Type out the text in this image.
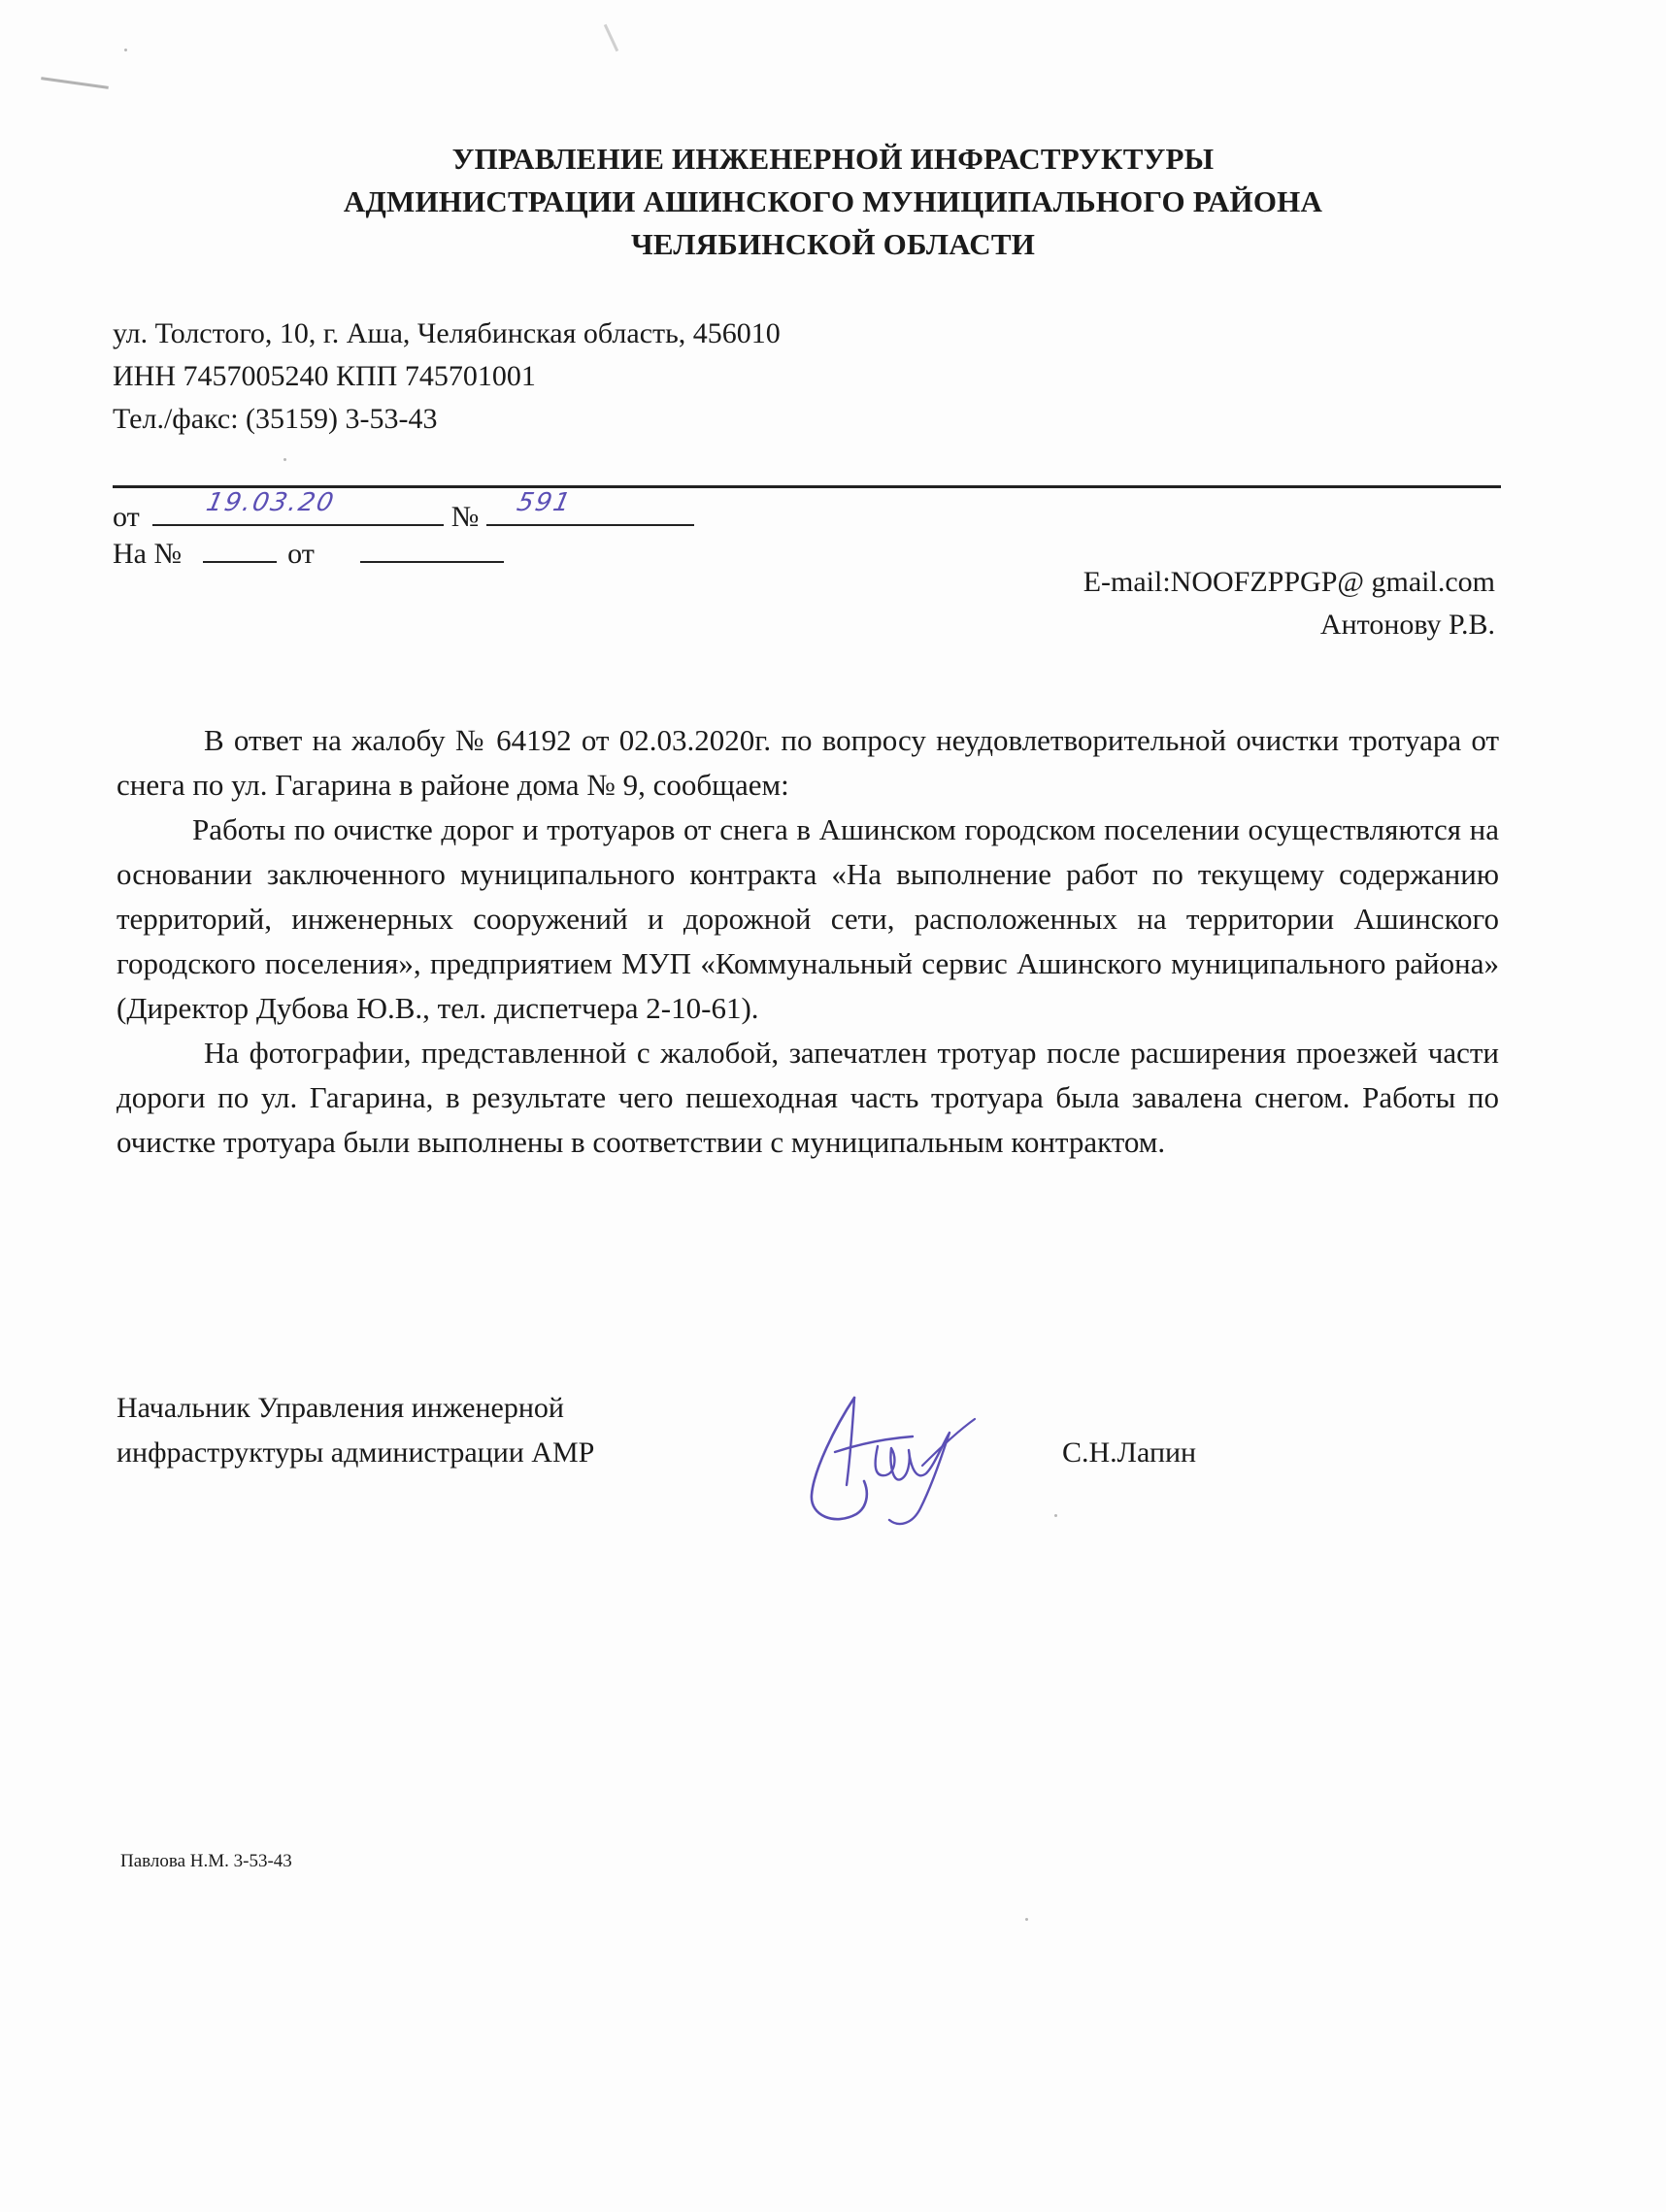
УПРАВЛЕНИЕ ИНЖЕНЕРНОЙ ИНФРАСТРУКТУРЫ
АДМИНИСТРАЦИИ АШИНСКОГО МУНИЦИПАЛЬНОГО РАЙОНА
ЧЕЛЯБИНСКОЙ ОБЛАСТИ
ул. Толстого, 10, г. Аша, Челябинская область, 456010
ИНН 7457005240 КПП 745701001
Тел./факс: (35159) 3-53-43
от	19.03.20	№ 591
На №	от
E-mail:NOOFZPPGP@ gmail.com
Антонову Р.В.

В ответ на жалобу № 64192 от 02.03.2020г. по вопросу неудовлетворительной очистки тротуара от снега по ул. Гагарина в районе дома № 9, сообщаем:

Работы по очистке дорог и тротуаров от снега в Ашинском городском поселении осуществляются на основании заключенного муниципального контракта «На выполнение работ по текущему содержанию территорий, инженерных сооружений и дорожной сети, расположенных на территории Ашинского городского поселения», предприятием МУП «Коммунальный сервис Ашинского муниципального района» (Директор Дубова Ю.В., тел. диспетчера 2-10-61).

На фотографии, представленной с жалобой, запечатлен тротуар после расширения проезжей части дороги по ул. Гагарина, в результате чего пешеходная часть тротуара была завалена снегом. Работы по очистке тротуара были выполнены в соответствии с муниципальным контрактом.

Начальник Управления инженерной
инфраструктуры администрации АМР	С.Н.Лапин
Павлова Н.М. 3-53-43
